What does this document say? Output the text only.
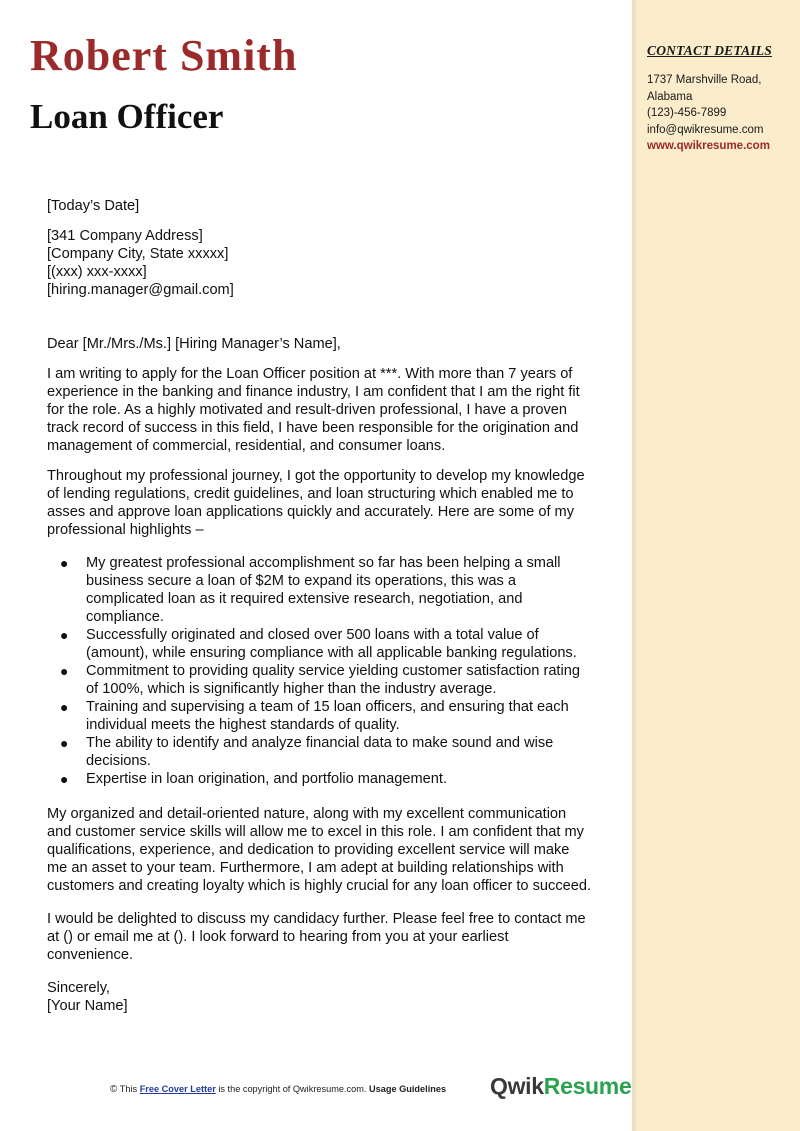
CONTACT DETAILS
1737 Marshville Road,
Alabama
(123)-456-7899
info@qwikresume.com
www.qwikresume.com
Robert Smith
Loan Officer

[Today’s Date]

[341 Company Address]

[Company City, State xxxxx]

[(xxx) xxx-xxxx]

[hiring.manager@gmail.com]

Dear [Mr./Mrs./Ms.] [Hiring Manager’s Name],

I am writing to apply for the Loan Officer position at ***. With more than 7 years of experience in the banking and finance industry, I am confident that I am the right fit for the role. As a highly motivated and result-driven professional, I have a proven track record of success in this field, I have been responsible for the origination and management of commercial, residential, and consumer loans.

Throughout my professional journey, I got the opportunity to develop my knowledge of lending regulations, credit guidelines, and loan structuring which enabled me to asses and approve loan applications quickly and accurately. Here are some of my professional highlights –

● My greatest professional accomplishment so far has been helping a small business secure a loan of $2M to expand its operations, this was a complicated loan as it required extensive research, negotiation, and compliance.
● Successfully originated and closed over 500 loans with a total value of (amount), while ensuring compliance with all applicable banking regulations.
● Commitment to providing quality service yielding customer satisfaction rating of 100%, which is significantly higher than the industry average.
● Training and supervising a team of 15 loan officers, and ensuring that each individual meets the highest standards of quality.
● The ability to identify and analyze financial data to make sound and wise decisions.
● Expertise in loan origination, and portfolio management.

My organized and detail-oriented nature, along with my excellent communication and customer service skills will allow me to excel in this role. I am confident that my qualifications, experience, and dedication to providing excellent service will make me an asset to your team. Furthermore, I am adept at building relationships with customers and creating loyalty which is highly crucial for any loan officer to succeed.

I would be delighted to discuss my candidacy further. Please feel free to contact me at () or email me at (). I look forward to hearing from you at your earliest convenience.

Sincerely,

[Your Name]

© This Free Cover Letter is the copyright of Qwikresume.com. Usage Guidelines QwikResume
